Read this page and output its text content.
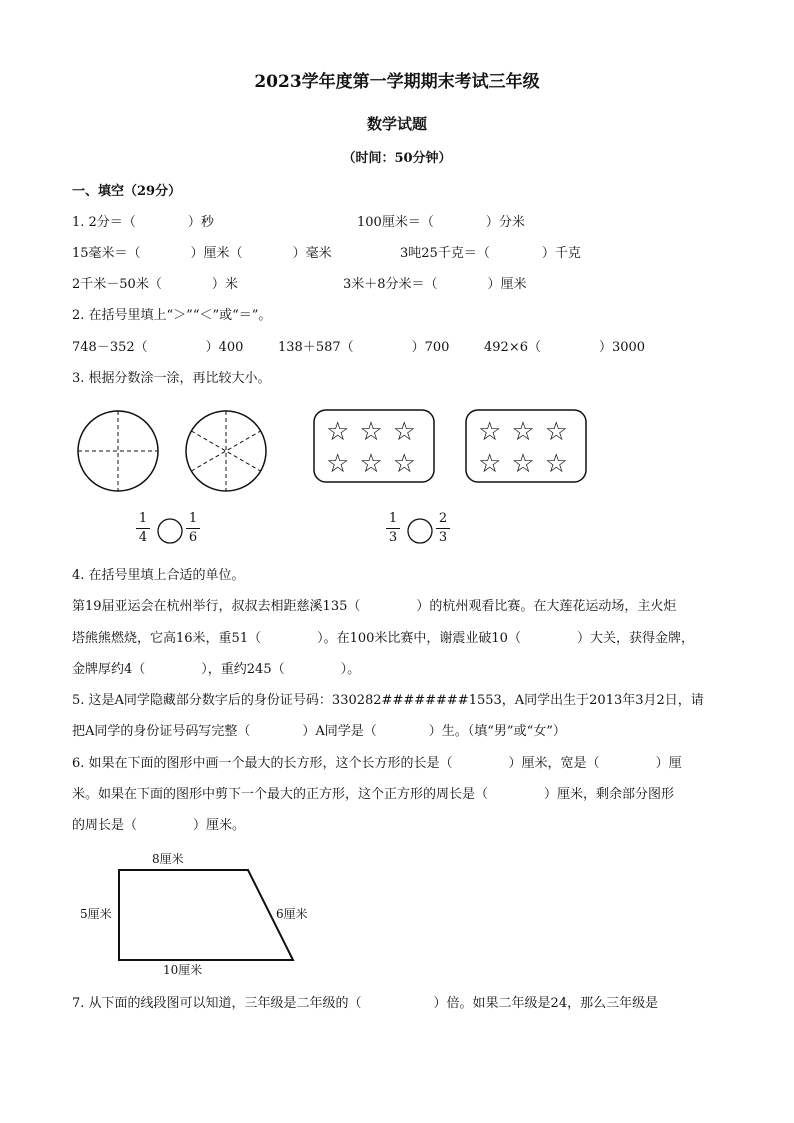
2023学年度第一学期期末考试三年级
数学试题
（时间：50分钟）
一、填空（29分）
1. 2分＝（	）秒	100厘米＝（	）分米
15毫米＝（	）厘米（	）毫米	3吨25千克＝（	）千克
2千米－50米（	）米	3米＋8分米＝（	）厘米
2. 在括号里填上“＞”“＜”或“＝”。
748－352（	）400	138＋587（	）700	492×6（	）3000
3. 根据分数涂一涂，再比较大小。
☆☆☆
☆☆☆
☆☆☆
☆☆☆
1
4
1
6
1
3
2
3
4. 在括号里填上合适的单位。
第19届亚运会在杭州举行，叔叔去相距慈溪135（	）的杭州观看比赛。在大莲花运动场，主火炬
塔熊熊燃烧，它高16米，重51（	）。在100米比赛中，谢震业破10（	）大关，获得金牌，
金牌厚约4（	），重约245（	）。
5. 这是A同学隐藏部分数字后的身份证号码：330282########1553，A同学出生于2013年3月2日，请
把A同学的身份证号码写完整（	）A同学是（	）生。（填“男”或“女”）
6. 如果在下面的图形中画一个最大的长方形，这个长方形的长是（	）厘米，宽是（	）厘
米。如果在下面的图形中剪下一个最大的正方形，这个正方形的周长是（	）厘米，剩余部分图形
的周长是（	）厘米。
8厘米
5厘米	6厘米
10厘米
7. 从下面的线段图可以知道，三年级是二年级的（	）倍。如果二年级是24，那么三年级是
